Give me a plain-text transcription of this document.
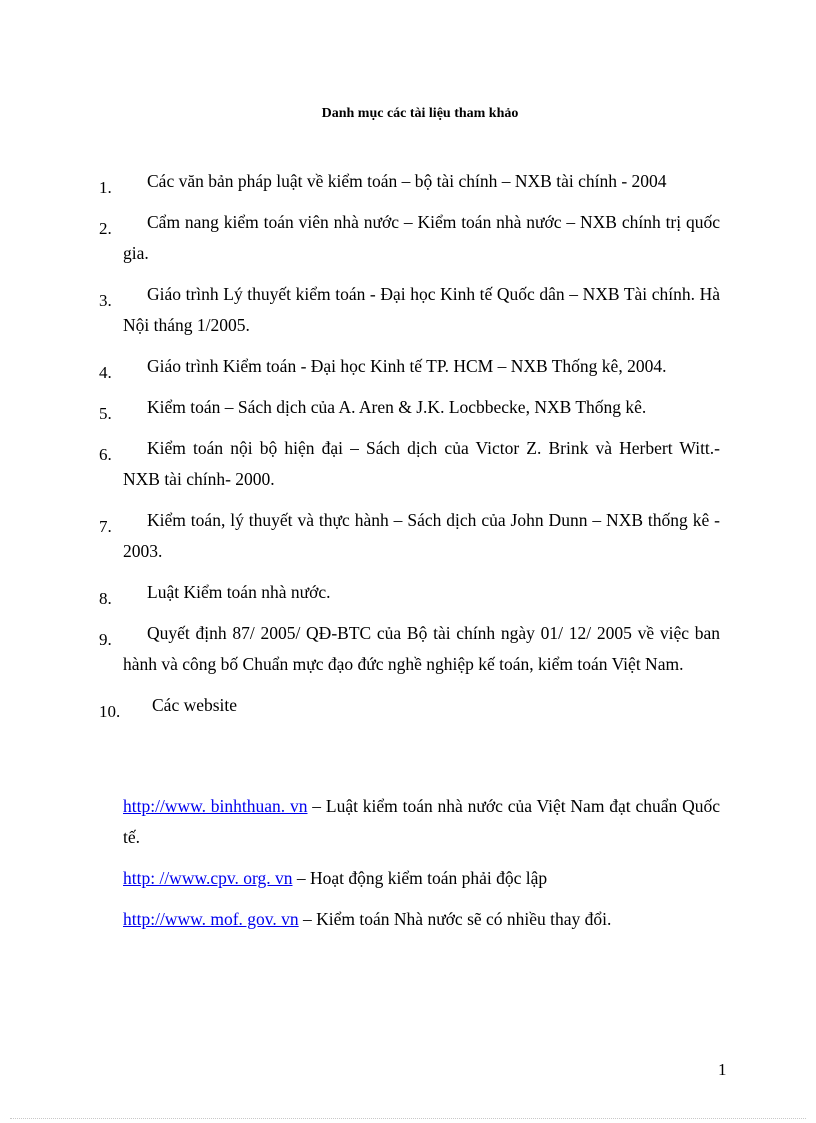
Danh mục các tài liệu tham khảo
1.	Các văn bản pháp luật về kiểm toán – bộ tài chính – NXB tài chính - 2004
2.	Cẩm nang kiểm toán viên nhà nước – Kiểm toán nhà nước – NXB chính trị quốc gia.
3.	Giáo trình Lý thuyết kiểm toán - Đại học Kinh tế Quốc dân – NXB Tài chính. Hà Nội tháng 1/2005.
4.	Giáo trình Kiểm toán - Đại học Kinh tế TP. HCM – NXB Thống kê, 2004.
5.	Kiểm toán – Sách dịch của A. Aren & J.K. Locbbecke, NXB Thống kê.
6.	Kiểm toán nội bộ hiện đại – Sách dịch của Victor Z. Brink và Herbert Witt.- NXB tài chính- 2000.
7.	Kiểm toán, lý thuyết và thực hành – Sách dịch của John Dunn – NXB thống kê - 2003.
8.	Luật Kiểm toán nhà nước.
9.	Quyết định 87/ 2005/ QĐ-BTC của Bộ tài chính ngày 01/ 12/ 2005 về việc ban hành và công bố Chuẩn mực đạo đức nghề nghiệp kế toán, kiểm toán Việt Nam.
10.	Các website
http://www. binhthuan. vn – Luật kiểm toán nhà nước của Việt Nam đạt chuẩn Quốc tế.
http: //www.cpv. org. vn – Hoạt động kiểm toán phải độc lập
http://www. mof. gov. vn – Kiểm toán Nhà nước sẽ có nhiều thay đổi.
1
